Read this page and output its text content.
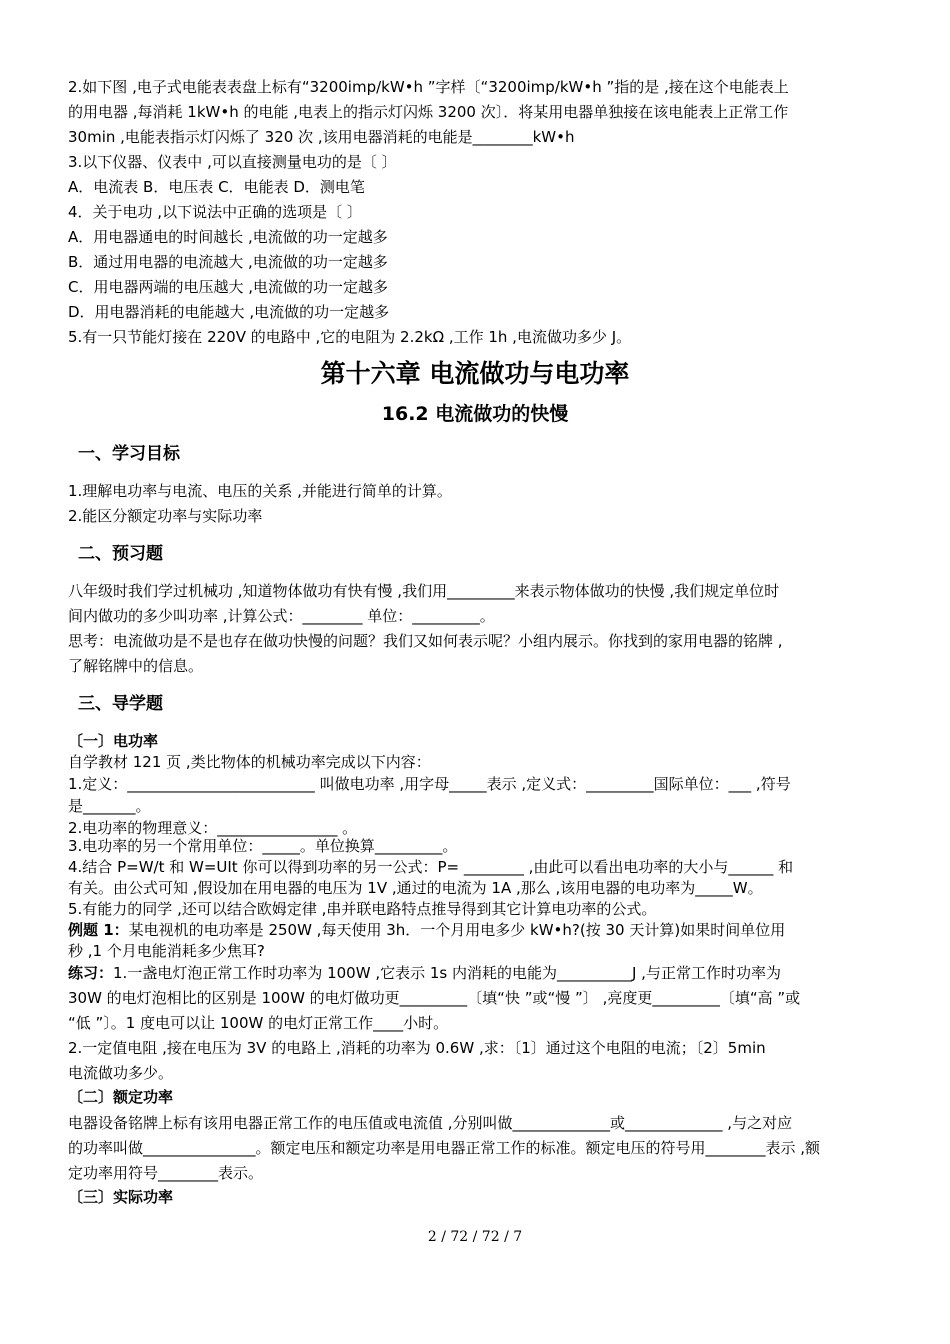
2.如下图 ,电子式电能表表盘上标有“3200imp/kW•h ”字样〔“3200imp/kW•h ”指的是 ,接在这个电能表上
的用电器 ,每消耗 1kW•h 的电能 ,电表上的指示灯闪烁 3200 次〕．将某用电器单独接在该电能表上正常工作
30min ,电能表指示灯闪烁了 320 次 ,该用电器消耗的电能是________kW•h
3.以下仪器、仪表中 ,可以直接测量电功的是〔 〕
A．电流表 B．电压表 C．电能表 D．测电笔
4．关于电功 ,以下说法中正确的选项是〔 〕
A．用电器通电的时间越长 ,电流做的功一定越多
B．通过用电器的电流越大 ,电流做的功一定越多
C．用电器两端的电压越大 ,电流做的功一定越多
D．用电器消耗的电能越大 ,电流做的功一定越多
5.有一只节能灯接在 220V 的电路中 ,它的电阻为 2.2kΩ ,工作 1h ,电流做功多少 J。
第十六章 电流做功与电功率
16.2 电流做功的快慢
一、学习目标
1.理解电功率与电流、电压的关系 ,并能进行简单的计算。
2.能区分额定功率与实际功率
二、预习题
八年级时我们学过机械功 ,知道物体做功有快有慢 ,我们用_________来表示物体做功的快慢 ,我们规定单位时
间内做功的多少叫功率 ,计算公式：________ 单位：_________。
思考：电流做功是不是也存在做功快慢的问题？我们又如何表示呢？小组内展示。你找到的家用电器的铭牌 ,
了解铭牌中的信息。
三、导学题
〔一〕电功率
自学教材 121 页 ,类比物体的机械功率完成以下内容：
1.定义：_________________________ 叫做电功率 ,用字母_____表示 ,定义式：_________国际单位：___ ,符号
是_______。
2.电功率的物理意义：________________ 。
3.电功率的另一个常用单位：_____。单位换算_________。
4.结合 P=W/t 和 W=UIt 你可以得到功率的另一公式：P= ________ ,由此可以看出电功率的大小与______ 和
有关。由公式可知 ,假设加在用电器的电压为 1V ,通过的电流为 1A ,那么 ,该用电器的电功率为_____W。
5.有能力的同学 ,还可以结合欧姆定律 ,串并联电路特点推导得到其它计算电功率的公式。
例题 1：某电视机的电功率是 250W ,每天使用 3h．一个月用电多少 kW•h?(按 30 天计算)如果时间单位用
秒 ,1 个月电能消耗多少焦耳?
练习：1.一盏电灯泡正常工作时功率为 100W ,它表示 1s 内消耗的电能为__________J ,与正常工作时功率为
30W 的电灯泡相比的区别是 100W 的电灯做功更_________〔填“快 ”或“慢 ”〕 ,亮度更_________〔填“高 ”或
“低 ”〕。1 度电可以让 100W 的电灯正常工作____小时。
2.一定值电阻 ,接在电压为 3V 的电路上 ,消耗的功率为 0.6W ,求：〔1〕通过这个电阻的电流；〔2〕5min
电流做功多少。
〔二〕额定功率
电器设备铭牌上标有该用电器正常工作的电压值或电流值 ,分别叫做_____________或_____________ ,与之对应
的功率叫做_______________。额定电压和额定功率是用电器正常工作的标准。额定电压的符号用________表示 ,额
定功率用符号________表示。
〔三〕实际功率
2 / 72 / 72 / 7
